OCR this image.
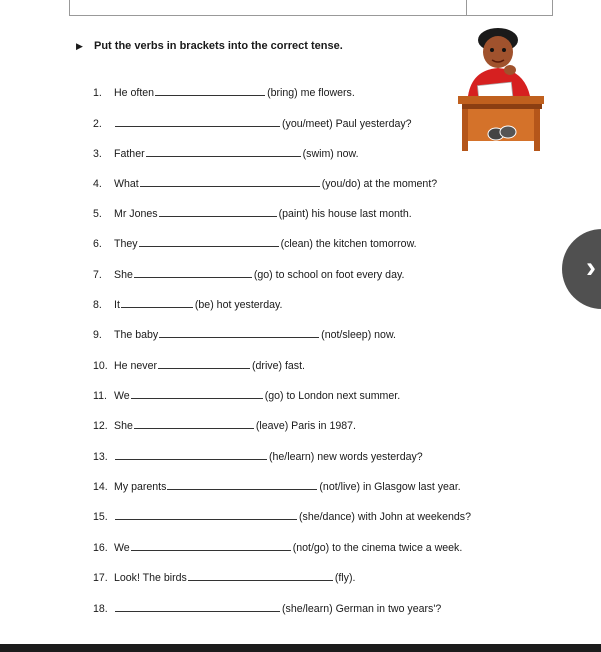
▶ Put the verbs in brackets into the correct tense.
1. He often	(bring) me flowers.
2.	(you/meet) Paul yesterday?
3. Father	(swim) now.
4. What	(you/do) at the moment?
5. Mr Jones	(paint) his house last month.
6. They	(clean) the kitchen tomorrow.
7. She	(go) to school on foot every day.
8. It	(be) hot yesterday.
9. The baby	(not/sleep) now.
10. He never	(drive) fast.
11. We	(go) to London next summer.
12. She	(leave) Paris in 1987.
13.	(he/learn) new words yesterday?
14. My parents	(not/live) in Glasgow last year.
15.	(she/dance) with John at weekends?
16. We	(not/go) to the cinema twice a week.
17. Look! The birds	(fly).
18.	(she/learn) German in two years'?
›
